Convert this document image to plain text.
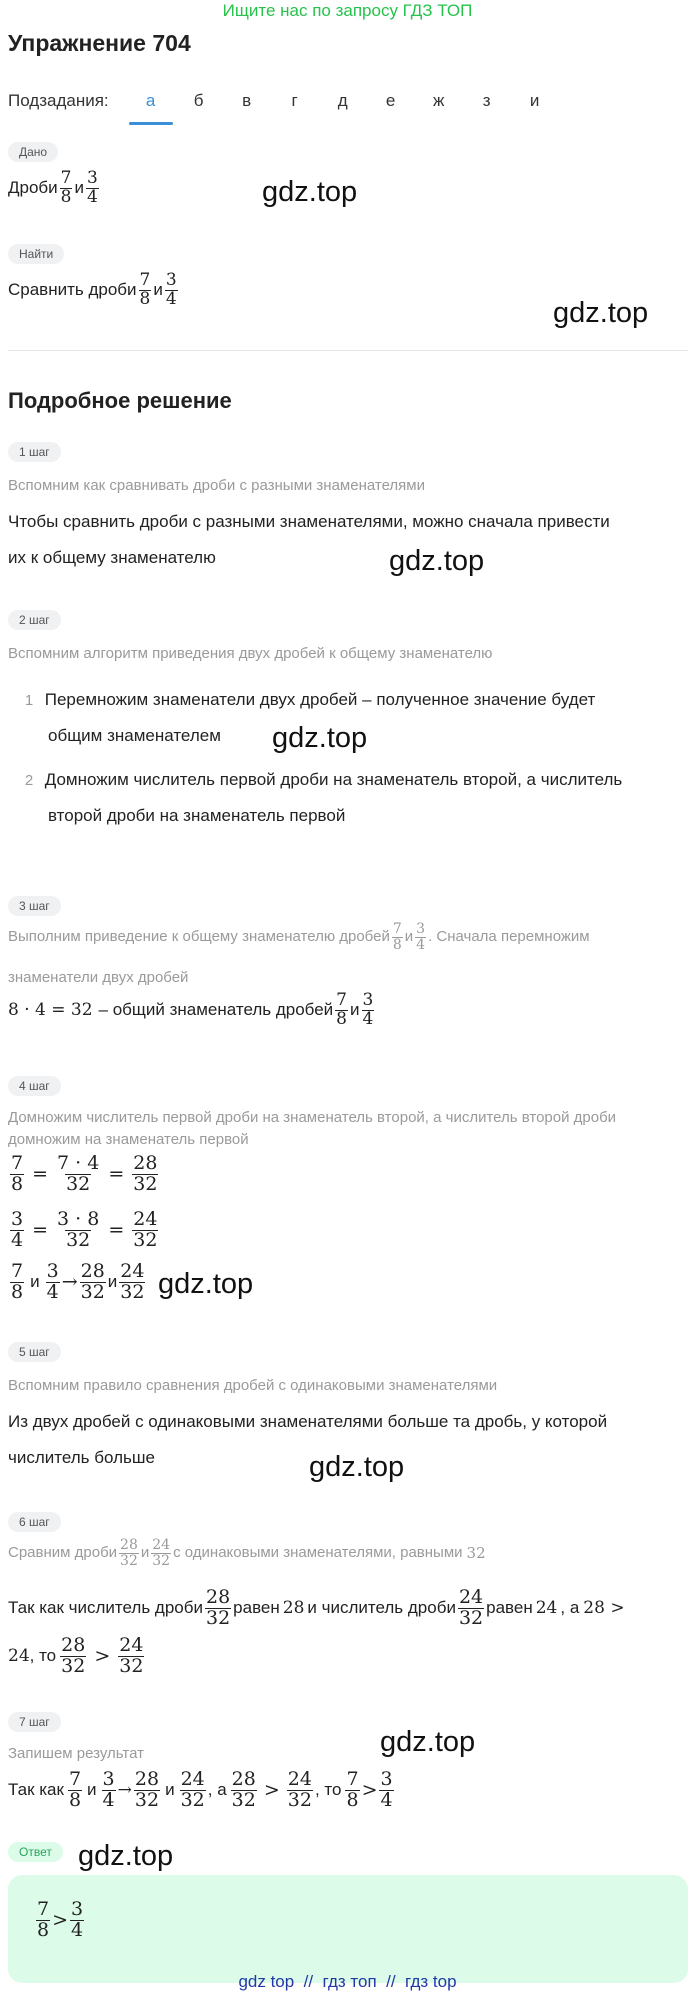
Ищите нас по запросу ГДЗ ТОП
Упражнение 704
Подзадания:	а	б	в	г	д	е	ж	з	и
Дано
Дроби $\frac{7}{8}$ и $\frac{3}{4}$	gdz.top
Найти
Сравнить дроби $\frac{7}{8}$ и $\frac{3}{4}$
gdz.top
Подробное решение
1 шаг
Вспомним как сравнивать дроби с разными знаменателями
Чтобы сравнить дроби с разными знаменателями, можно сначала привести
их к общему знаменателю	gdz.top
2 шаг
Вспомним алгоритм приведения двух дробей к общему знаменателю
1 Перемножим знаменатели двух дробей – полученное значение будет
общим знаменателем gdz.top
2 Домножим числитель первой дроби на знаменатель второй, а числитель
второй дроби на знаменатель первой
3 шаг
Выполним приведение к общему знаменателю дробей $\frac{7}{8}$ и $\frac{3}{4}$ . Сначала перемножим
знаменатели двух дробей
8 · 4 = 32 – общий знаменатель дробей $\frac{7}{8}$ и $\frac{3}{4}$
4 шаг
Домножим числитель первой дроби на знаменатель второй, а числитель второй дроби
домножим на знаменатель первой
$\frac{7}{8} = \frac{7 \cdot 4}{32} = \frac{28}{32}$
$\frac{3}{4} = \frac{3 \cdot 8}{32} = \frac{24}{32}$
$\frac{7}{8}$ и $\frac{3}{4} \to \frac{28}{32}$ и $\frac{24}{32} gdz.top$
5 шаг
Вспомним правило сравнения дробей с одинаковыми знаменателями
Из двух дробей с одинаковыми знаменателями больше та дробь, у которой
числитель больше	gdz.top
6 шаг
Сравним дроби $\frac{28}{32}$ и $\frac{24}{32}$ с одинаковыми знаменателями, равными 32
Так как числитель дроби $\frac{28}{32}$ равен 28 и числитель дроби $\frac{24}{32}$ равен 24 , а 28 >
24 , то $\frac{28}{32} > \frac{24}{32}$
7 шаг
gdz.top
Запишем результат
Так как $\frac{7}{8}$ и $\frac{3}{4} \to \frac{28}{32}$ и $\frac{24}{32}$ , а $\frac{28}{32} > \frac{24}{32}$ , то $\frac{7}{8} > \frac{3}{4}$
Ответ gdz.top
$\frac{7}{8} > \frac{3}{4}$
gdz top  //  гдз топ  //  гдз top
